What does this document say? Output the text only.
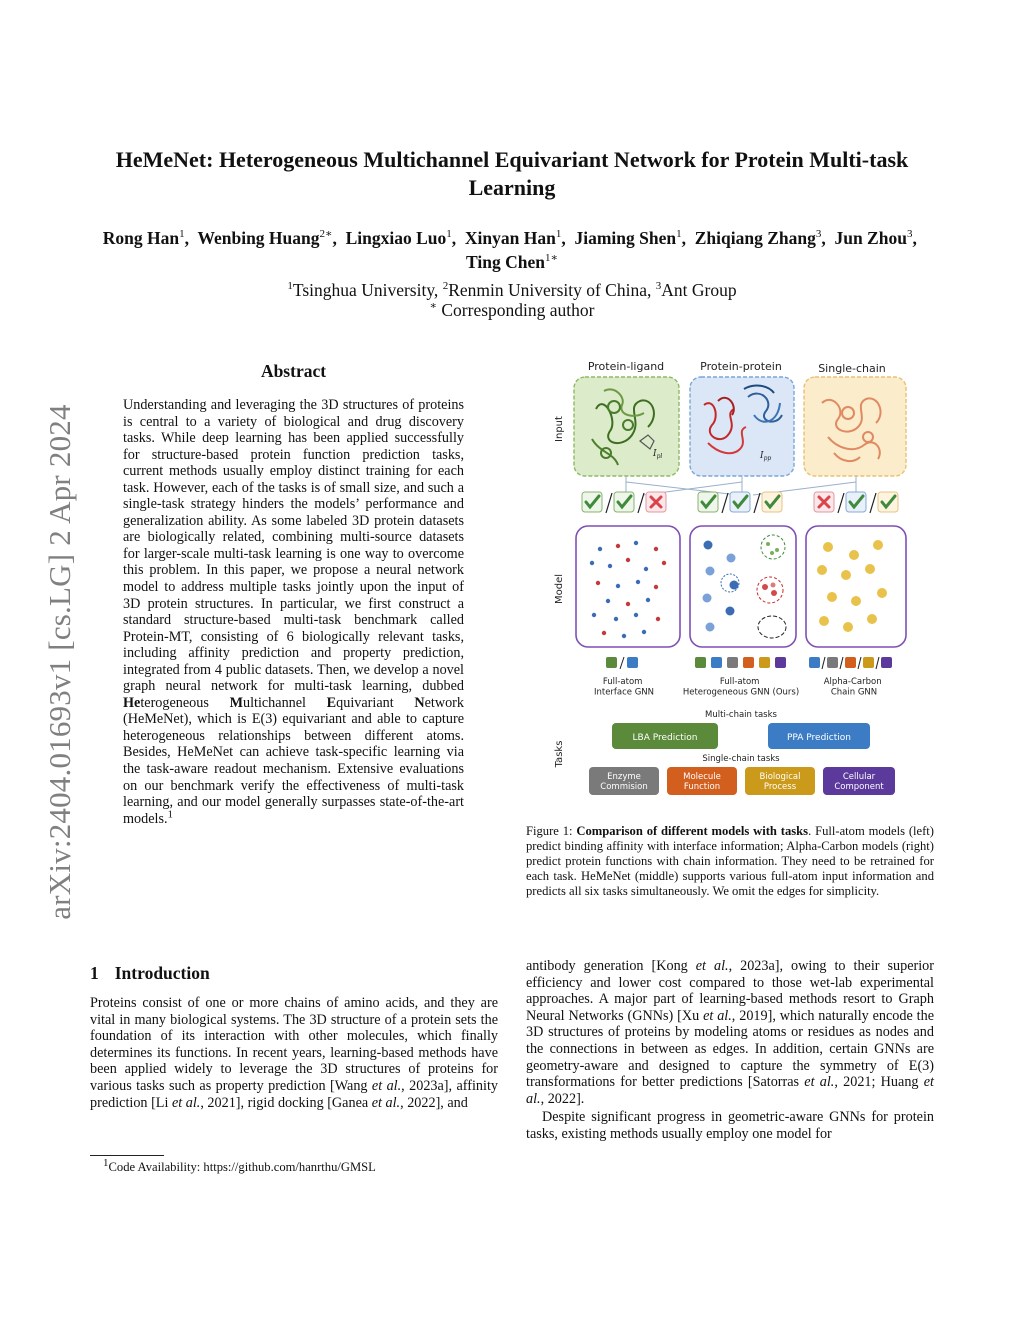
arXiv:2404.01693v1 [cs.LG] 2 Apr 2024
HeMeNet: Heterogeneous Multichannel Equivariant Network for Protein Multi-task Learning
Rong Han$^1$,  Wenbing Huang$^{2∗}$,  Lingxiao Luo$^1$,  Xinyan Han$^1$,  Jiaming Shen$^1$,  Zhiqiang Zhang$^3$,  Jun Zhou$^3$,  Ting Chen$^{1∗}$
$^1$Tsinghua University, $^2$Renmin University of China, $^3$Ant Group
∗ Corresponding author
Abstract
Understanding and leveraging the 3D structures of proteins is central to a variety of biological and drug discovery tasks. While deep learning has been applied successfully for structure-based protein function prediction tasks, current methods usually employ distinct training for each task. However, each of the tasks is of small size, and such a single-task strategy hinders the models’ performance and generalization ability. As some labeled 3D protein datasets are biologically related, combining multi-source datasets for larger-scale multi-task learning is one way to overcome this problem. In this paper, we propose a neural network model to address multiple tasks jointly upon the input of 3D protein structures. In particular, we first construct a standard structure-based multi-task benchmark called Protein-MT, consisting of 6 biologically relevant tasks, including affinity prediction and property prediction, integrated from 4 public datasets. Then, we develop a novel graph neural network for multi-task learning, dubbed Heterogeneous Multichannel Equivariant Network (HeMeNet), which is E(3) equivariant and able to capture heterogeneous relationships between different atoms. Besides, HeMeNet can achieve task-specific learning via the task-aware readout mechanism. Extensive evaluations on our benchmark verify the effectiveness of multi-task learning, and our model generally surpasses state-of-the-art models.$^1$
1 Introduction
Proteins consist of one or more chains of amino acids, and they are vital in many biological systems. The 3D structure of a protein sets the foundation of its interaction with other molecules, which finally determines its functions. In recent years, learning-based methods have been applied widely to leverage the 3D structures of proteins for various tasks such as property prediction [Wang et al., 2023a], affinity prediction [Li et al., 2021], rigid docking [Ganea et al., 2022], and
$^1$Code Availability: https://github.com/hanrthu/GMSL

antibody generation [Kong et al., 2023a], owing to their superior efficiency and lower cost compared to those wet-lab experimental approaches. A major part of learning-based methods resort to Graph Neural Networks (GNNs) [Xu et al., 2019], which naturally encode the 3D structures of proteins by modeling atoms or residues as nodes and the connections in between as edges. In addition, certain GNNs are geometry-aware and designed to capture the symmetry of E(3) transformations for better predictions [Satorras et al., 2021; Huang et al., 2022].

Despite significant progress in geometric-aware GNNs for protein tasks, existing methods usually employ one model for

Protein-ligand	Protein-protein	Single-chain
Input
Model
Tasks
$I_{pl}$	$I_{pp}$
Full-atom Interface GNN
Full-atom Heterogeneous GNN (Ours)
Alpha-Carbon Chain GNN
Multi-chain tasks
LBA Prediction	PPA Prediction
Single-chain tasks
Enzyme Commision
Molecule Function
Biological Process
Cellular Component
Figure 1: Comparison of different models with tasks. Full-atom models (left) predict binding affinity with interface information; Alpha-Carbon models (right) predict protein functions with chain information. They need to be retrained for each task. HeMeNet (middle) supports various full-atom input information and predicts all six tasks simultaneously. We omit the edges for simplicity.
